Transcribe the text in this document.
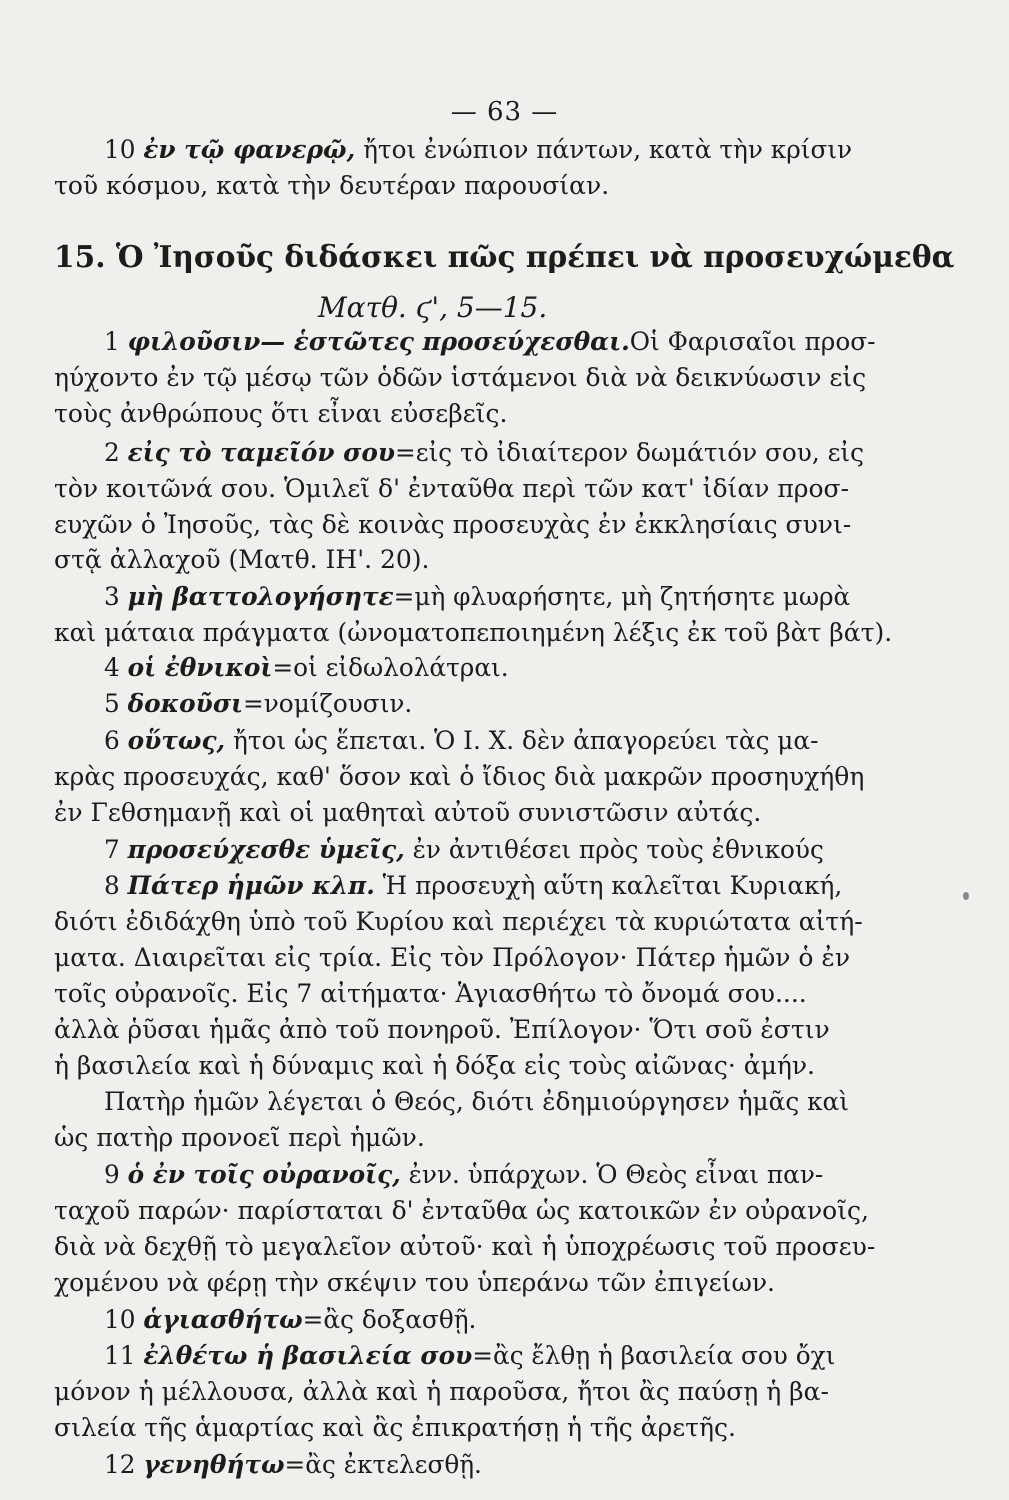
— 63 —
10 ἐν τῷ φανερῷ, ἤτοι ἐνώπιον πάντων, κατὰ τὴν κρίσιν
τοῦ κόσμου, κατὰ τὴν δευτέραν παρουσίαν.
1 φιλοῦσιν— ἑστῶτες προσεύχεσθαι.Οἱ Φαρισαῖοι προσ-
ηύχοντο ἐν τῷ μέσῳ τῶν ὁδῶν ἱστάμενοι διὰ νὰ δεικνύωσιν εἰς
τοὺς ἀνθρώπους ὅτι εἶναι εὐσεβεῖς.
2 εἰς τὸ ταμεῖόν σου=εἰς τὸ ἰδιαίτερον δωμάτιόν σου, εἰς
τὸν κοιτῶνά σου. Ὁμιλεῖ δ' ἐνταῦθα περὶ τῶν κατ' ἰδίαν προσ-
ευχῶν ὁ Ἰησοῦς, τὰς δὲ κοινὰς προσευχὰς ἐν ἐκκλησίαις συνι-
στᾷ ἀλλαχοῦ (Ματθ. ΙΗ'. 20).
3 μὴ βαττολογήσητε=μὴ φλυαρήσητε, μὴ ζητήσητε μωρὰ
καὶ μάταια πράγματα (ὠνοματοπεποιημένη λέξις ἐκ τοῦ βὰτ βάτ).
4 οἱ ἐθνικοὶ=οἱ εἰδωλολάτραι.
5 δοκοῦσι=νομίζουσιν.
6 οὕτως, ἤτοι ὡς ἕπεται. Ὁ Ι. Χ. δὲν ἀπαγορεύει τὰς μα-
κρὰς προσευχάς, καθ' ὅσον καὶ ὁ ἴδιος διὰ μακρῶν προσηυχήθη
ἐν Γεθσημανῇ καὶ οἱ μαθηταὶ αὐτοῦ συνιστῶσιν αὐτάς.
7 προσεύχεσθε ὑμεῖς, ἐν ἀντιθέσει πρὸς τοὺς ἐθνικούς
8 Πάτερ ἡμῶν κλπ. Ἡ προσευχὴ αὕτη καλεῖται Κυριακή,
διότι ἐδιδάχθη ὑπὸ τοῦ Κυρίου καὶ περιέχει τὰ κυριώτατα αἰτή-
ματα. Διαιρεῖται εἰς τρία. Εἰς τὸν Πρόλογον· Πάτερ ἡμῶν ὁ ἐν
τοῖς οὐρανοῖς. Εἰς 7 αἰτήματα· Ἁγιασθήτω τὸ ὄνομά σου....
ἀλλὰ ῥῦσαι ἡμᾶς ἀπὸ τοῦ πονηροῦ. Ἐπίλογον· Ὅτι σοῦ ἐστιν
ἡ βασιλεία καὶ ἡ δύναμις καὶ ἡ δόξα εἰς τοὺς αἰῶνας· ἀμήν.
Πατὴρ ἡμῶν λέγεται ὁ Θεός, διότι ἐδημιούργησεν ἡμᾶς καὶ
ὡς πατὴρ προνοεῖ περὶ ἡμῶν.
9 ὁ ἐν τοῖς οὐρανοῖς, ἐνν. ὑπάρχων. Ὁ Θεὸς εἶναι παν-
ταχοῦ παρών· παρίσταται δ' ἐνταῦθα ὡς κατοικῶν ἐν οὐρανοῖς,
διὰ νὰ δεχθῇ τὸ μεγαλεῖον αὐτοῦ· καὶ ἡ ὑποχρέωσις τοῦ προσευ-
χομένου νὰ φέρῃ τὴν σκέψιν του ὑπεράνω τῶν ἐπιγείων.
10 ἁγιασθήτω=ἂς δοξασθῇ.
11 ἐλθέτω ἡ βασιλεία σου=ἂς ἔλθῃ ἡ βασιλεία σου ὄχι
μόνον ἡ μέλλουσα, ἀλλὰ καὶ ἡ παροῦσα, ἤτοι ἂς παύσῃ ἡ βα-
σιλεία τῆς ἁμαρτίας καὶ ἂς ἐπικρατήσῃ ἡ τῆς ἀρετῆς.
12 γενηθήτω=ἂς ἐκτελεσθῇ.
15. Ὁ Ἰησοῦς διδάσκει πῶς πρέπει νὰ προσευχώμεθα
Ματθ. ϛ', 5—15.
